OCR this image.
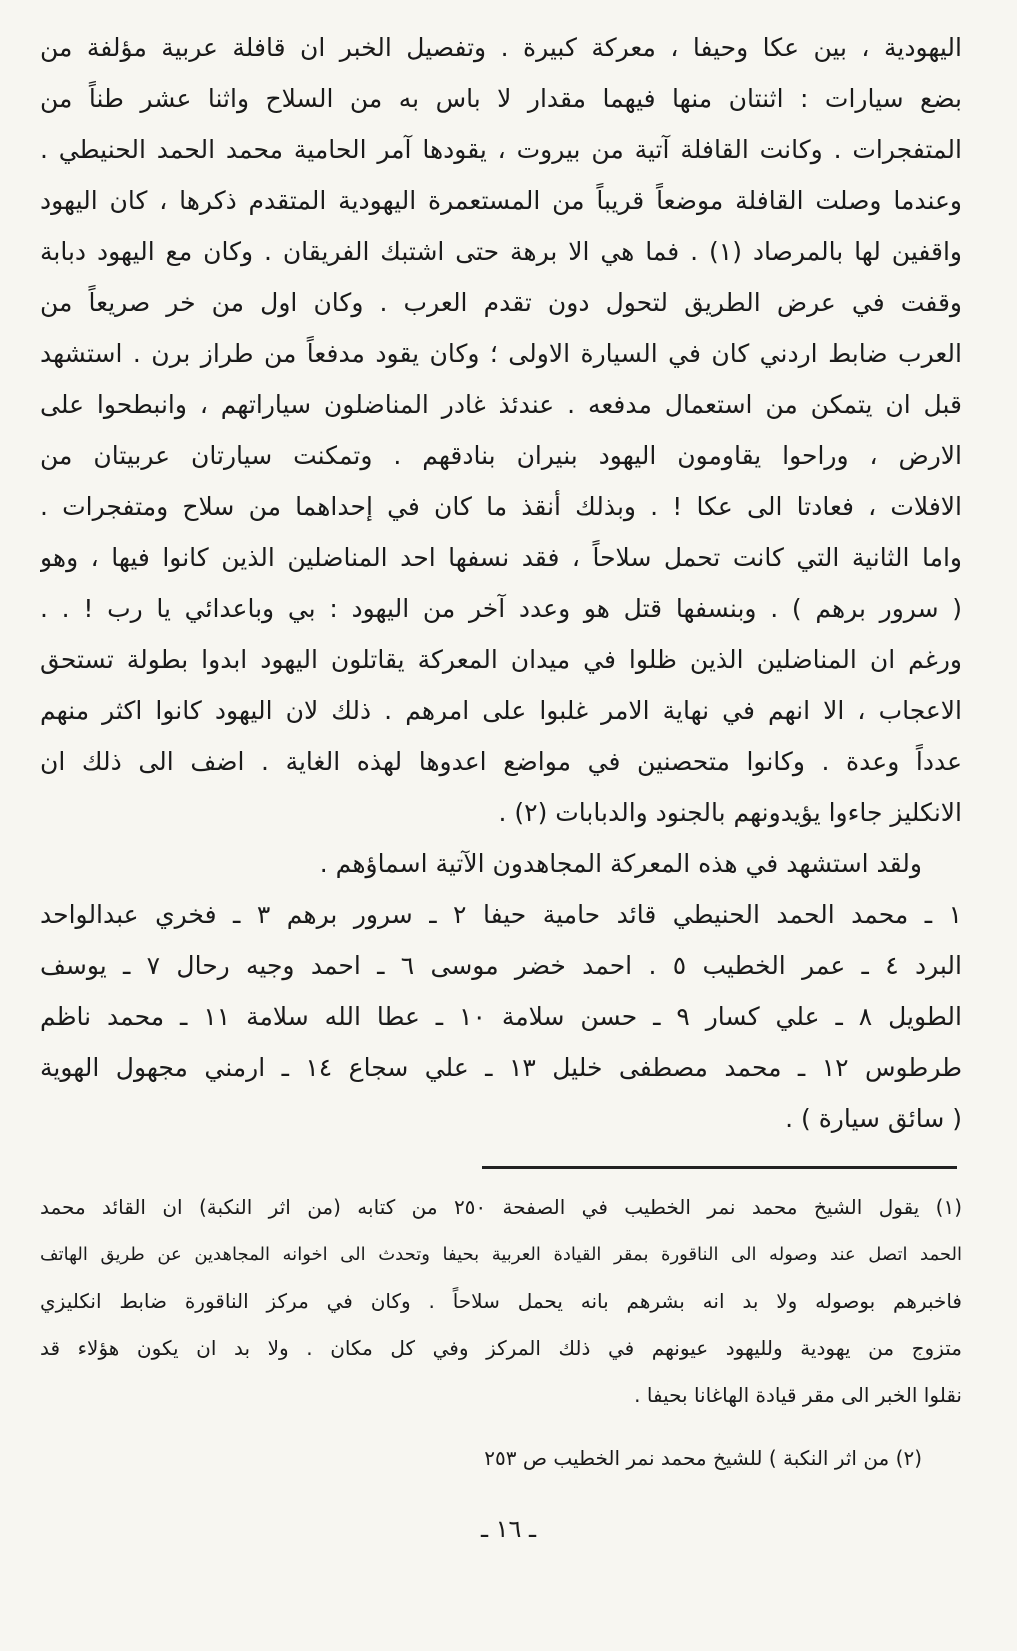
اليهودية ، بين عكا وحيفا ، معركة كبيرة . وتفصيل الخبر ان قافلة عربية مؤلفة من
بضع سيارات : اثنتان منها فيهما مقدار لا باس به من السلاح واثنا عشر طناً من
المتفجرات . وكانت القافلة آتية من بيروت ، يقودها آمر الحامية محمد الحمد الحنيطي .
وعندما وصلت القافلة موضعاً قريباً من المستعمرة اليهودية المتقدم ذكرها ، كان اليهود
واقفين لها بالمرصاد (١) . فما هي الا برهة حتى اشتبك الفريقان . وكان مع اليهود دبابة
وقفت في عرض الطريق لتحول دون تقدم العرب . وكان اول من خر صريعاً من
العرب ضابط اردني كان في السيارة الاولى ؛ وكان يقود مدفعاً من طراز برن . استشهد
قبل ان يتمكن من استعمال مدفعه . عندئذ غادر المناضلون سياراتهم ، وانبطحوا على
الارض ، وراحوا يقاومون اليهود بنيران بنادقهم . وتمكنت سيارتان عربيتان من
الافلات ، فعادتا الى عكا ! . وبذلك أنقذ ما كان في إحداهما من سلاح ومتفجرات .
واما الثانية التي كانت تحمل سلاحاً ، فقد نسفها احد المناضلين الذين كانوا فيها ، وهو
( سرور برهم ) . وبنسفها قتل هو وعدد آخر من اليهود : بي وباعدائي يا رب ! . .
ورغم ان المناضلين الذين ظلوا في ميدان المعركة يقاتلون اليهود ابدوا بطولة تستحق
الاعجاب ، الا انهم في نهاية الامر غلبوا على امرهم . ذلك لان اليهود كانوا اكثر منهم
عدداً وعدة . وكانوا متحصنين في مواضع اعدوها لهذه الغاية . اضف الى ذلك ان
الانكليز جاءوا يؤيدونهم بالجنود والدبابات (٢) .
ولقد استشهد في هذه المعركة المجاهدون الآتية اسماؤهم .
١ ـ محمد الحمد الحنيطي قائد حامية حيفا ٢ ـ سرور برهم ٣ ـ فخري عبدالواحد
البرد ٤ ـ عمر الخطيب ٥ . احمد خضر موسى ٦ ـ احمد وجيه رحال ٧ ـ يوسف
الطويل ٨ ـ علي كسار ٩ ـ حسن سلامة ١٠ ـ عطا الله سلامة ١١ ـ محمد ناظم
طرطوس ١٢ ـ محمد مصطفى خليل ١٣ ـ علي سجاع ١٤ ـ ارمني مجهول الهوية
( سائق سيارة ) .
(١) يقول الشيخ محمد نمر الخطيب في الصفحة ٢٥٠ من كتابه (من اثر النكبة) ان القائد محمد
الحمد اتصل عند وصوله الى الناقورة بمقر القيادة العربية بحيفا وتحدث الى اخوانه المجاهدين عن طريق الهاتف
فاخبرهم بوصوله ولا بد انه بشرهم بانه يحمل سلاحاً . وكان في مركز الناقورة ضابط انكليزي
متزوج من يهودية ولليهود عيونهم في ذلك المركز وفي كل مكان . ولا بد ان يكون هؤلاء قد
نقلوا الخبر الى مقر قيادة الهاغانا بحيفا .
(٢) من اثر النكبة ) للشيخ محمد نمر الخطيب ص ٢٥٣
ـ ١٦ ـ
